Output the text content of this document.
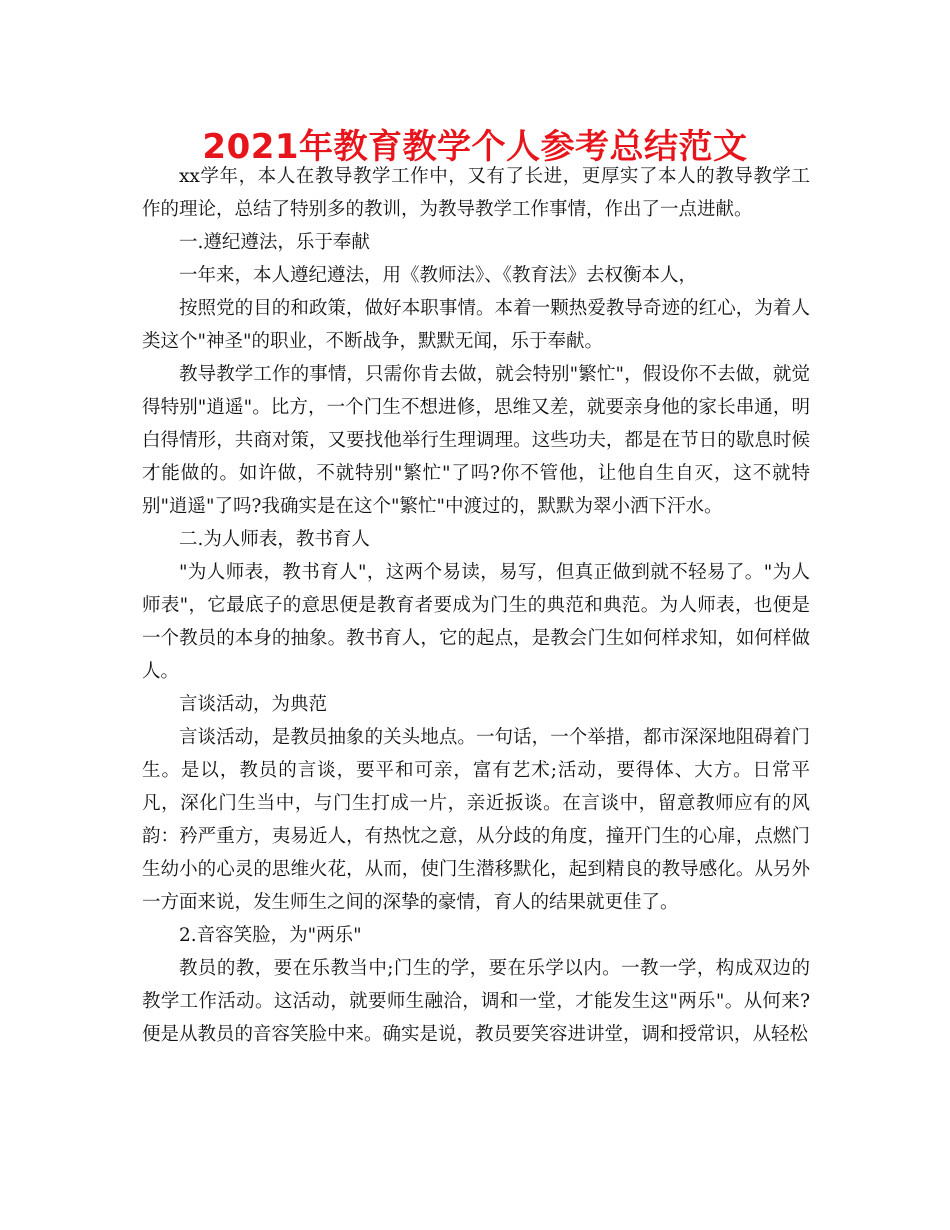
2021年教育教学个人参考总结范文

xx学年，本人在教导教学工作中，又有了长进，更厚实了本人的教导教学工作的理论，总结了特别多的教训，为教导教学工作事情，作出了一点进献。

一.遵纪遵法，乐于奉献

一年来，本人遵纪遵法，用《教师法》、《教育法》去权衡本人，

按照党的目的和政策，做好本职事情。本着一颗热爱教导奇迹的红心，为着人类这个"神圣"的职业，不断战争，默默无闻，乐于奉献。

教导教学工作的事情，只需你肯去做，就会特别"繁忙"，假设你不去做，就觉得特别"逍遥"。比方，一个门生不想进修，思维又差，就要亲身他的家长串通，明白得情形，共商对策，又要找他举行生理调理。这些功夫，都是在节日的歇息时候才能做的。如许做，不就特别"繁忙"了吗?你不管他，让他自生自灭，这不就特别"逍遥"了吗?我确实是在这个"繁忙"中渡过的，默默为翠小洒下汗水。

二.为人师表，教书育人

"为人师表，教书育人"，这两个易读，易写，但真正做到就不轻易了。"为人师表"，它最底子的意思便是教育者要成为门生的典范和典范。为人师表，也便是一个教员的本身的抽象。教书育人，它的起点，是教会门生如何样求知，如何样做人。

言谈活动，为典范

言谈活动，是教员抽象的关头地点。一句话，一个举措，都市深深地阻碍着门生。是以，教员的言谈，要平和可亲，富有艺术;活动，要得体、大方。日常平凡，深化门生当中，与门生打成一片，亲近扳谈。在言谈中，留意教师应有的风韵：矜严重方，夷易近人，有热忱之意，从分歧的角度，撞开门生的心扉，点燃门生幼小的心灵的思维火花，从而，使门生潜移默化，起到精良的教导感化。从另外一方面来说，发生师生之间的深挚的豪情，育人的结果就更佳了。

2.音容笑脸，为"两乐"

教员的教，要在乐教当中;门生的学，要在乐学以内。一教一学，构成双边的教学工作活动。这活动，就要师生融洽，调和一堂，才能发生这"两乐"。从何来?便是从教员的音容笑脸中来。确实是说，教员要笑容进讲堂，调和授常识，从轻松
